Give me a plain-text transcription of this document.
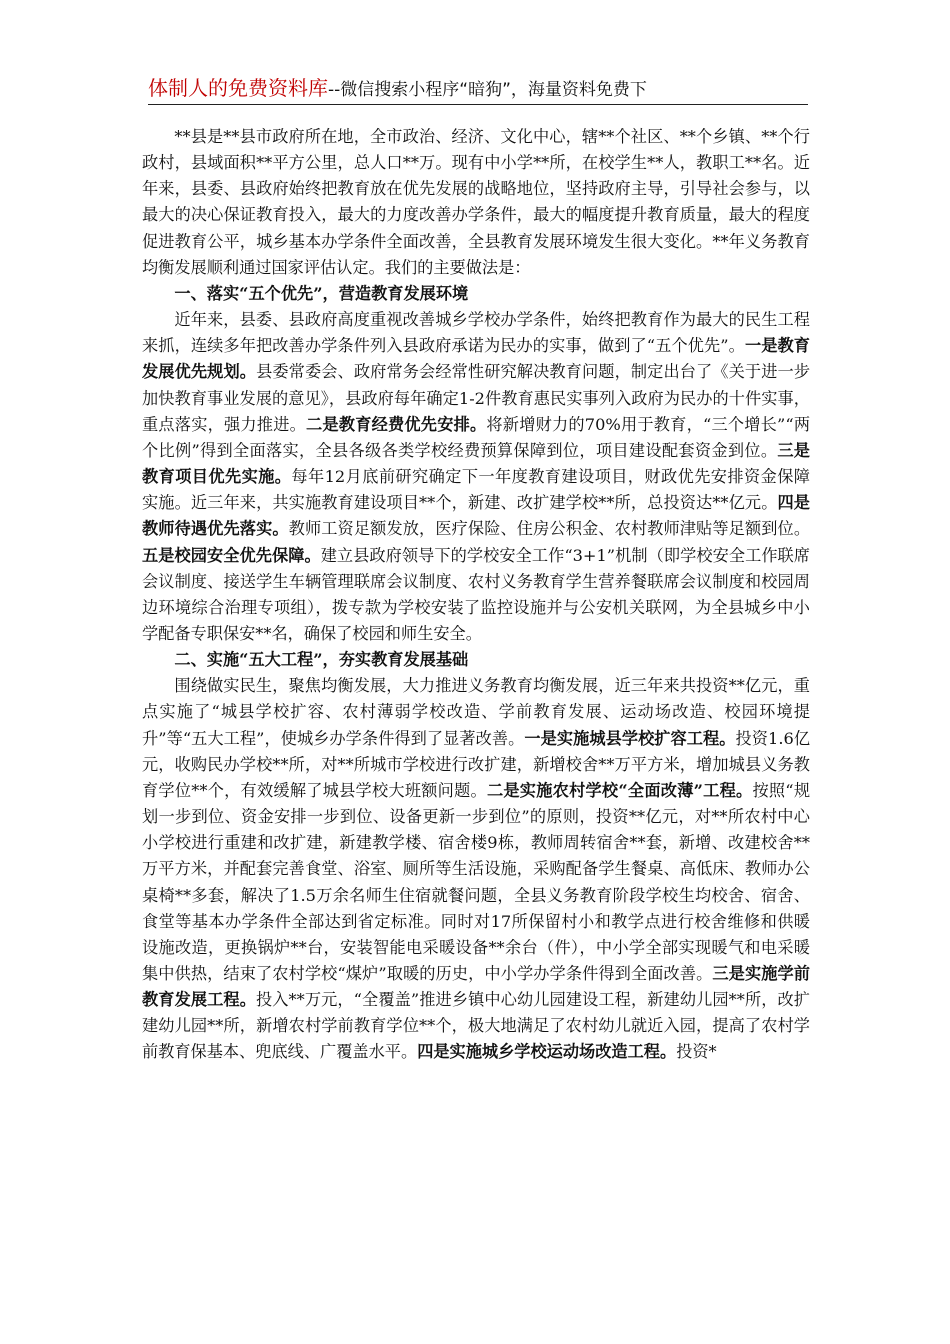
体制人的免费资料库--微信搜索小程序“暗狗”，海量资料免费下

**县是**县市政府所在地，全市政治、经济、文化中心，辖**个社区、**个乡镇、**个行政村，县域面积**平方公里，总人口**万。现有中小学**所，在校学生**人，教职工**名。近年来，县委、县政府始终把教育放在优先发展的战略地位，坚持政府主导，引导社会参与，以最大的决心保证教育投入，最大的力度改善办学条件，最大的幅度提升教育质量，最大的程度促进教育公平，城乡基本办学条件全面改善，全县教育发展环境发生很大变化。**年义务教育均衡发展顺利通过国家评估认定。我们的主要做法是：

一、落实“五个优先”，营造教育发展环境

近年来，县委、县政府高度重视改善城乡学校办学条件，始终把教育作为最大的民生工程来抓，连续多年把改善办学条件列入县政府承诺为民办的实事，做到了“五个优先”。一是教育发展优先规划。县委常委会、政府常务会经常性研究解决教育问题，制定出台了《关于进一步加快教育事业发展的意见》，县政府每年确定1-2件教育惠民实事列入政府为民办的十件实事，重点落实，强力推进。二是教育经费优先安排。将新增财力的70%用于教育，“三个增长”“两个比例”得到全面落实，全县各级各类学校经费预算保障到位，项目建设配套资金到位。三是教育项目优先实施。每年12月底前研究确定下一年度教育建设项目，财政优先安排资金保障实施。近三年来，共实施教育建设项目**个，新建、改扩建学校**所，总投资达**亿元。四是教师待遇优先落实。教师工资足额发放，医疗保险、住房公积金、农村教师津贴等足额到位。五是校园安全优先保障。建立县政府领导下的学校安全工作“3+1”机制（即学校安全工作联席会议制度、接送学生车辆管理联席会议制度、农村义务教育学生营养餐联席会议制度和校园周边环境综合治理专项组），拨专款为学校安装了监控设施并与公安机关联网，为全县城乡中小学配备专职保安**名，确保了校园和师生安全。

二、实施“五大工程”，夯实教育发展基础

围绕做实民生，聚焦均衡发展，大力推进义务教育均衡发展，近三年来共投资**亿元，重点实施了“城县学校扩容、农村薄弱学校改造、学前教育发展、运动场改造、校园环境提升”等“五大工程”，使城乡办学条件得到了显著改善。一是实施城县学校扩容工程。投资1.6亿元，收购民办学校**所，对**所城市学校进行改扩建，新增校舍**万平方米，增加城县义务教育学位**个，有效缓解了城县学校大班额问题。二是实施农村学校“全面改薄”工程。按照“规划一步到位、资金安排一步到位、设备更新一步到位”的原则，投资**亿元，对**所农村中心小学校进行重建和改扩建，新建教学楼、宿舍楼9栋，教师周转宿舍**套，新增、改建校舍**万平方米，并配套完善食堂、浴室、厕所等生活设施，采购配备学生餐桌、高低床、教师办公桌椅**多套，解决了1.5万余名师生住宿就餐问题，全县义务教育阶段学校生均校舍、宿舍、食堂等基本办学条件全部达到省定标准。同时对17所保留村小和教学点进行校舍维修和供暖设施改造，更换锅炉**台，安装智能电采暖设备**余台（件），中小学全部实现暖气和电采暖集中供热，结束了农村学校“煤炉”取暖的历史，中小学办学条件得到全面改善。三是实施学前教育发展工程。投入**万元，“全覆盖”推进乡镇中心幼儿园建设工程，新建幼儿园**所，改扩建幼儿园**所，新增农村学前教育学位**个，极大地满足了农村幼儿就近入园，提高了农村学前教育保基本、兜底线、广覆盖水平。四是实施城乡学校运动场改造工程。投资*
